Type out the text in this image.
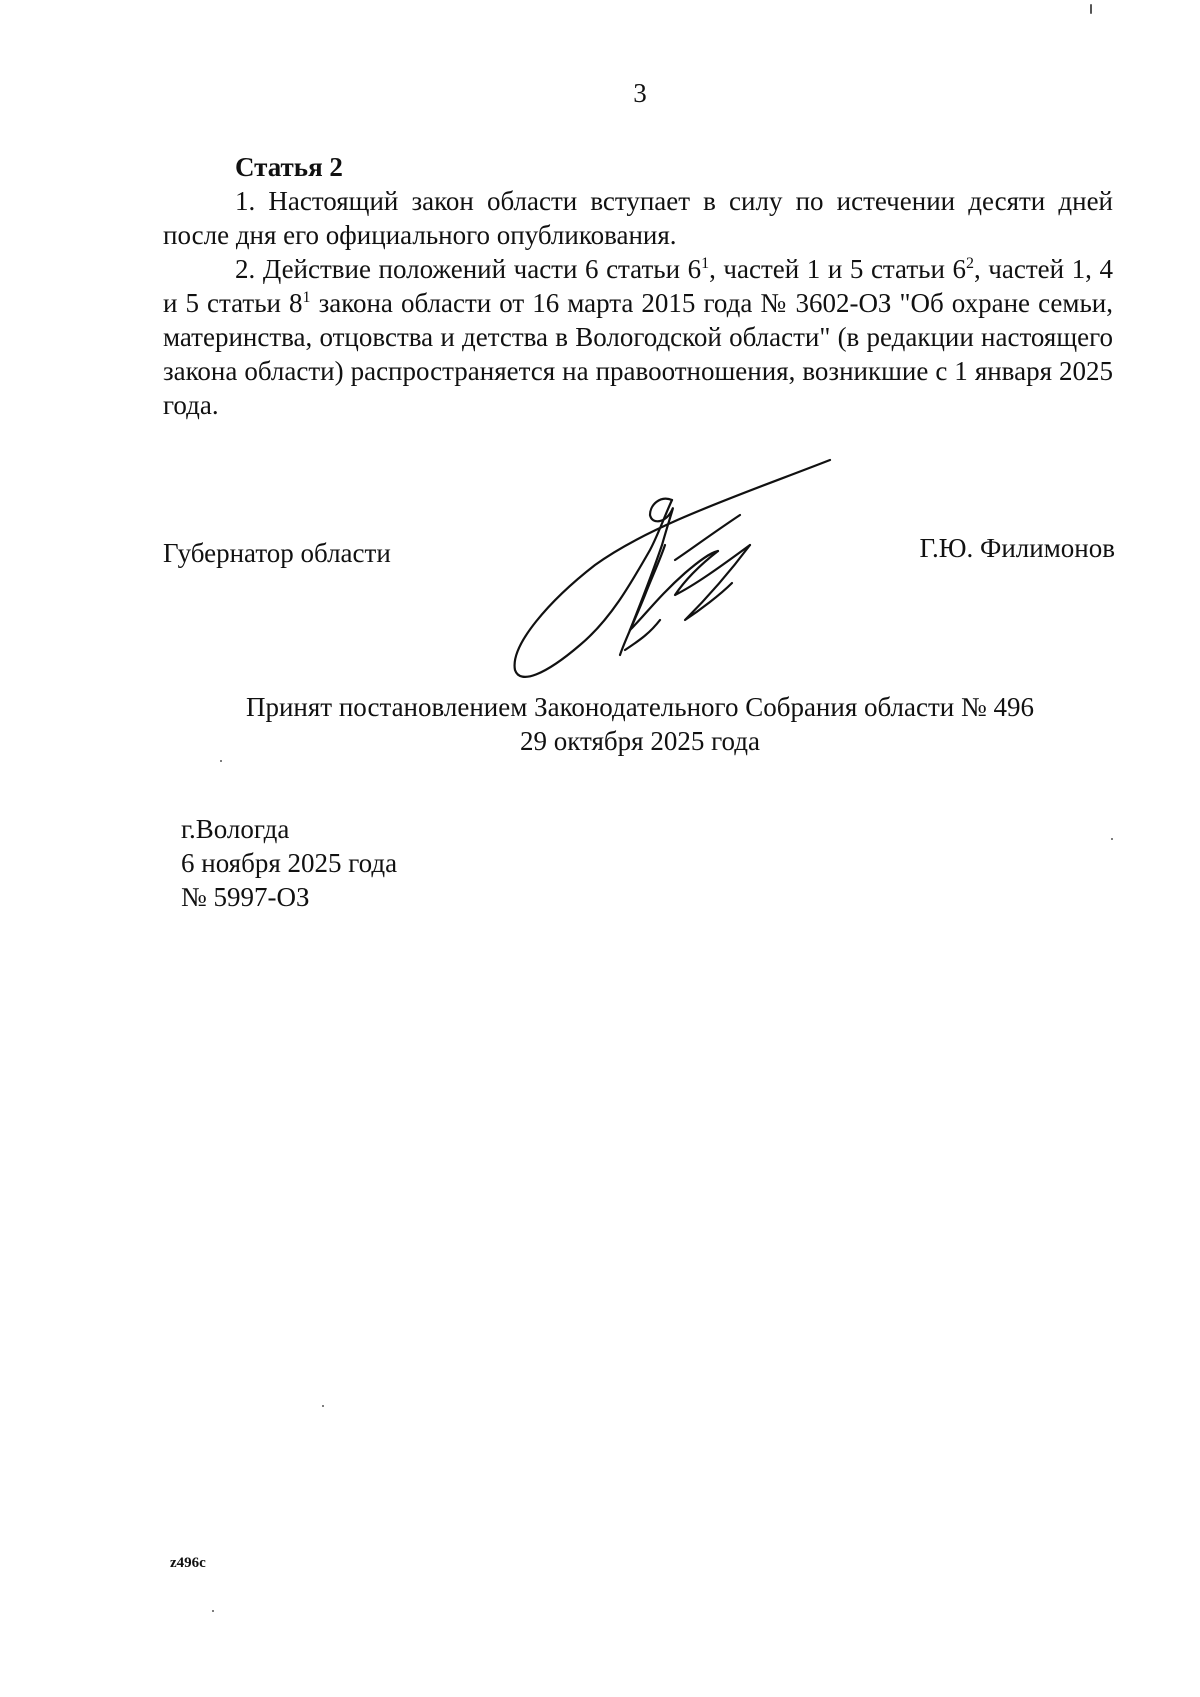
3
Статья 2

1. Настоящий закон области вступает в силу по истечении десяти дней после дня его официального опубликования.

2. Действие положений части 6 статьи $6^1$, частей 1 и 5 статьи $6^2$, частей 1, 4 и 5 статьи $8^1$ закона области от 16 марта 2015 года № 3602-ОЗ "Об охране семьи, материнства, отцовства и детства в Вологодской области" (в редакции настоящего закона области) распространяется на правоотношения, возникшие с 1 января 2025 года.

Губернатор области	Г.Ю. Филимонов
Принят постановлением Законодательного Собрания области № 496
29 октября 2025 года
г.Вологда
6 ноября 2025 года
№ 5997-ОЗ
z496c
